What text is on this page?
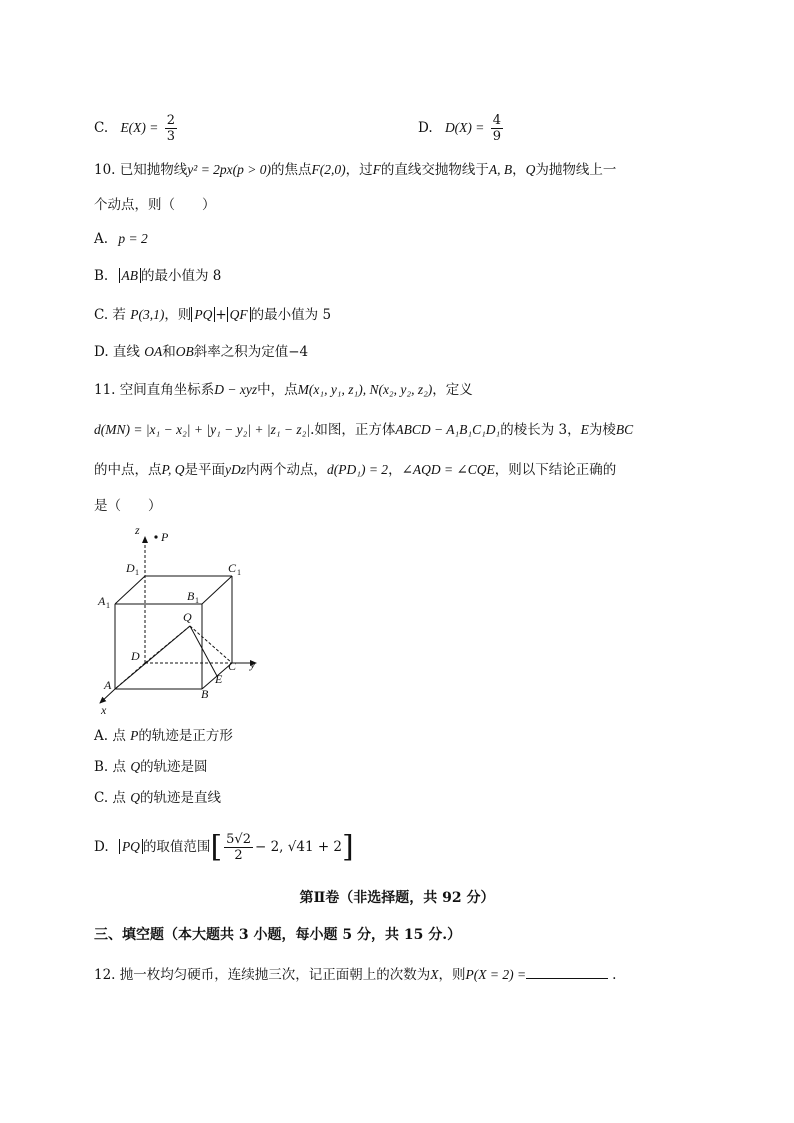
C. $E(X) = \frac{2}{3}$	D. $D(X) = \frac{4}{9}$
10. 已知抛物线y² = 2px(p > 0)的焦点F(2,0)，过F的直线交抛物线于A, B，Q为抛物线上一
个动点，则（　　）
A. p = 2
B. AB 的最小值为 8
C. 若 P(3,1)，则 PQ + QF 的最小值为 5
D. 直线 OA和OB斜率之积为定值−4
11. 空间直角坐标系D − xyz中，点M(x₁, y₁, z₁), N(x₂, y₂, z₂)，定义
d(MN) = |x₁ − x₂| + |y₁ − y₂| + |z₁ − z₂|.如图，正方体ABCD − A₁B₁C₁D₁的棱长为 3，E为棱BC
的中点，点P, Q是平面yDz内两个动点，d(PD₁) = 2，∠AQD = ∠CQE，则以下结论正确的
是（　　）
z P
D 1	C 1
A 1
B 1
Q
D
C y
A	E
B
x
A. 点 P的轨迹是正方形
B. 点 Q的轨迹是圆
C. 点 Q的轨迹是直线
D. PQ 的取值范围[ $\frac{5√2}{2} - 2$, √41 + 2]
第Ⅱ卷（非选择题，共 92 分）
三、填空题（本大题共 3 小题，每小题 5 分，共 15 分.）
12. 抛一枚均匀硬币，连续抛三次，记正面朝上的次数为X，则P(X = 2) =	.
